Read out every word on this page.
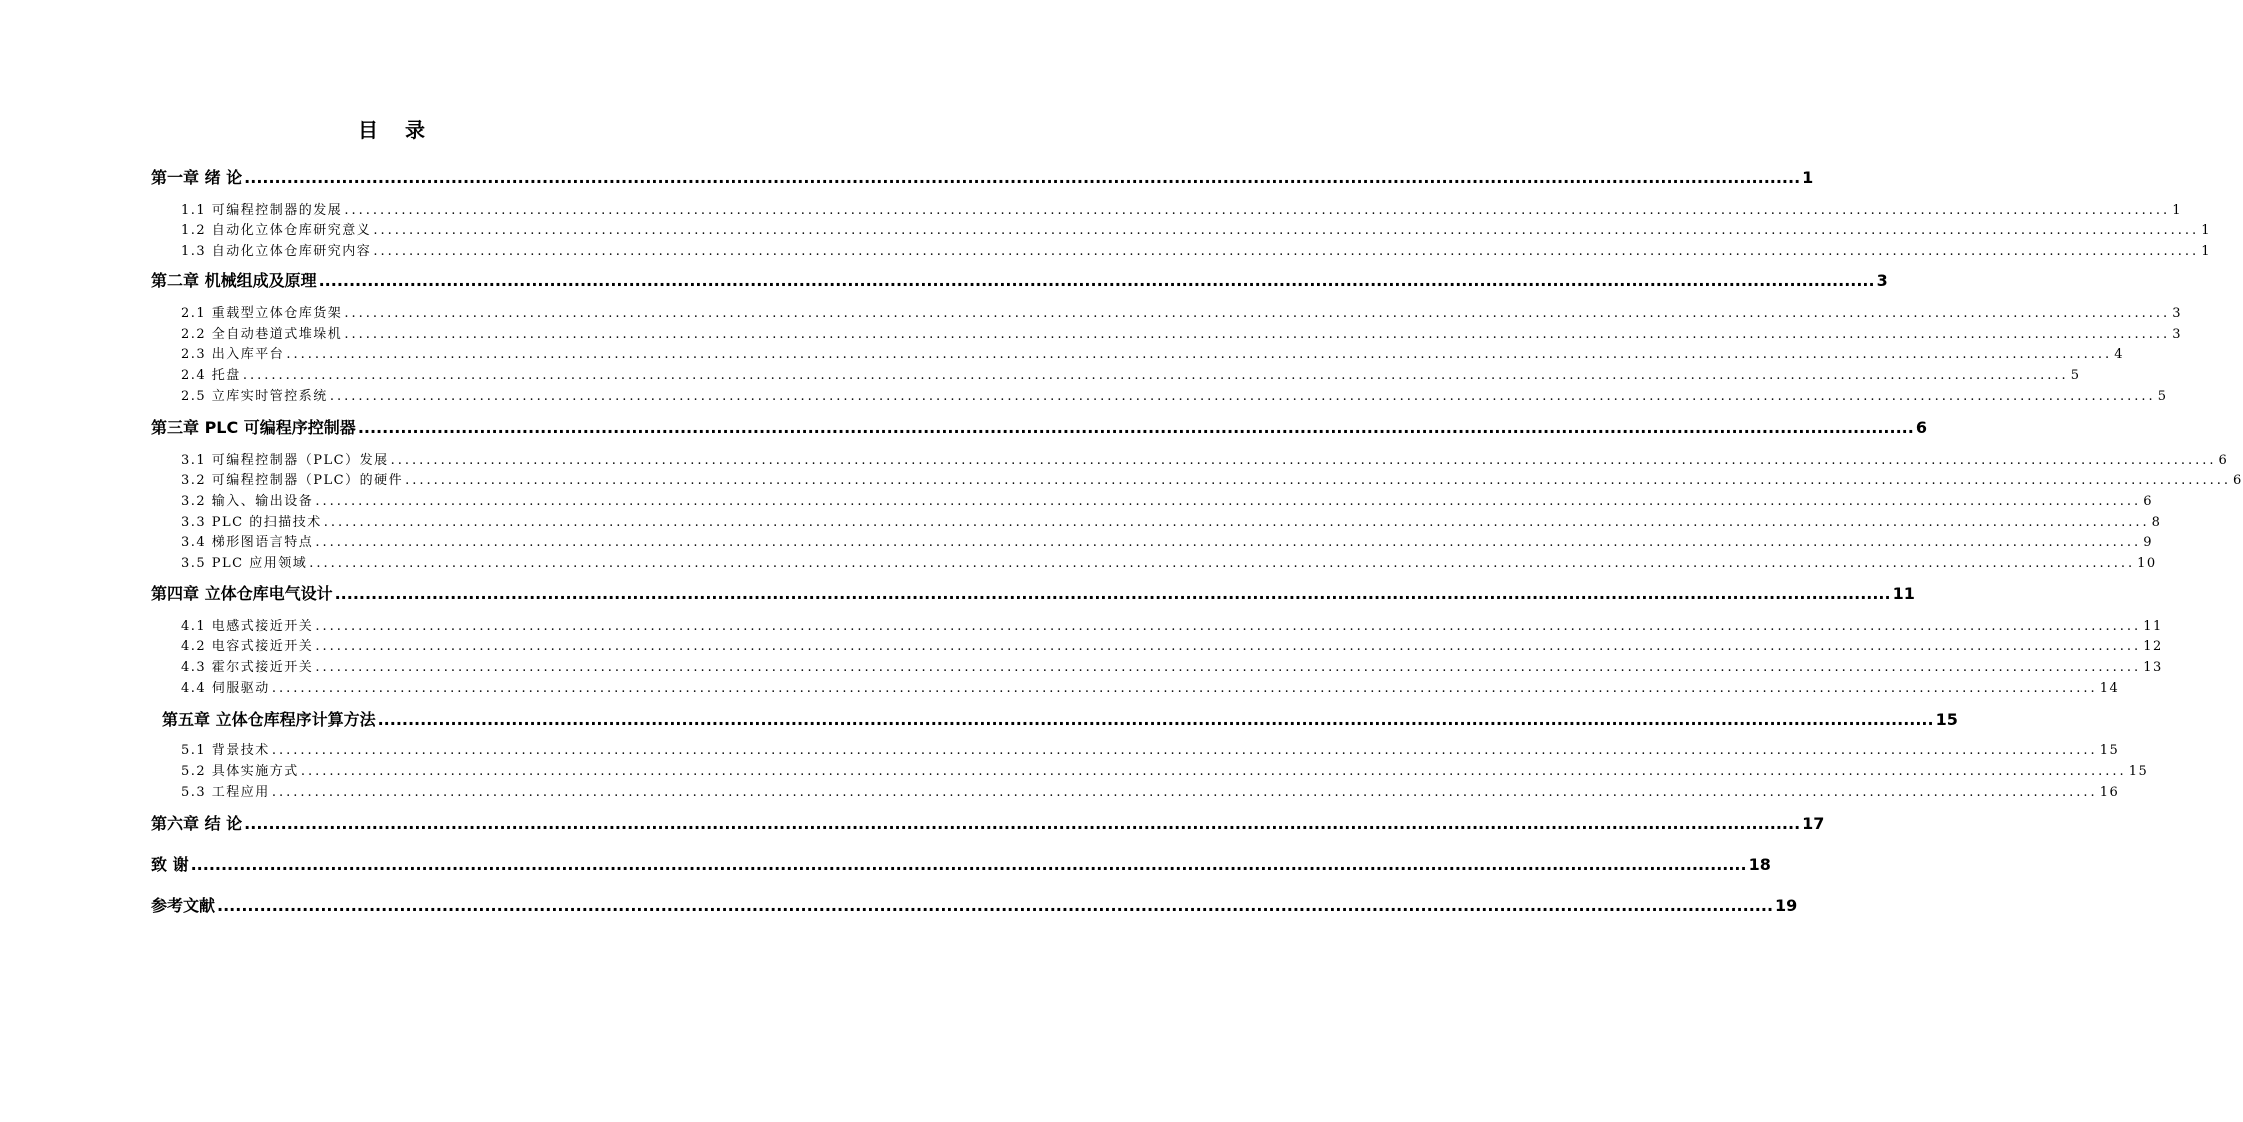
目 录
第一章 绪 论 ................................................................................................................................................................................................................................................................ 1
1.1 可编程控制器的发展 ................................................................................................................................................................................................................................................................ 1
1.2 自动化立体仓库研究意义 ................................................................................................................................................................................................................................................................ 1
1.3 自动化立体仓库研究内容 ................................................................................................................................................................................................................................................................ 1
第二章 机械组成及原理 ................................................................................................................................................................................................................................................................ 3
2.1 重载型立体仓库货架 ................................................................................................................................................................................................................................................................ 3
2.2 全自动巷道式堆垛机 ................................................................................................................................................................................................................................................................ 3
2.3 出入库平台 ................................................................................................................................................................................................................................................................ 4
2.4 托盘 ................................................................................................................................................................................................................................................................ 5
2.5 立库实时管控系统 ................................................................................................................................................................................................................................................................ 5
第三章 PLC 可编程序控制器 ................................................................................................................................................................................................................................................................ 6
3.1 可编程控制器（PLC）发展 ................................................................................................................................................................................................................................................................ 6
3.2 可编程控制器（PLC）的硬件 ................................................................................................................................................................................................................................................................ 6
3.2 输入、输出设备 ................................................................................................................................................................................................................................................................ 6
3.3 PLC 的扫描技术 ................................................................................................................................................................................................................................................................ 8
3.4 梯形图语言特点 ................................................................................................................................................................................................................................................................ 9
3.5 PLC 应用领域 ................................................................................................................................................................................................................................................................ 10
第四章 立体仓库电气设计 ................................................................................................................................................................................................................................................................ 11
4.1 电感式接近开关 ................................................................................................................................................................................................................................................................ 11
4.2 电容式接近开关 ................................................................................................................................................................................................................................................................ 12
4.3 霍尔式接近开关 ................................................................................................................................................................................................................................................................ 13
4.4 伺服驱动 ................................................................................................................................................................................................................................................................ 14
第五章 立体仓库程序计算方法 ................................................................................................................................................................................................................................................................ 15
5.1 背景技术 ................................................................................................................................................................................................................................................................ 15
5.2 具体实施方式 ................................................................................................................................................................................................................................................................ 15
5.3 工程应用 ................................................................................................................................................................................................................................................................ 16
第六章 结 论 ................................................................................................................................................................................................................................................................ 17
致 谢 ................................................................................................................................................................................................................................................................ 18
参考文献 ................................................................................................................................................................................................................................................................ 19
